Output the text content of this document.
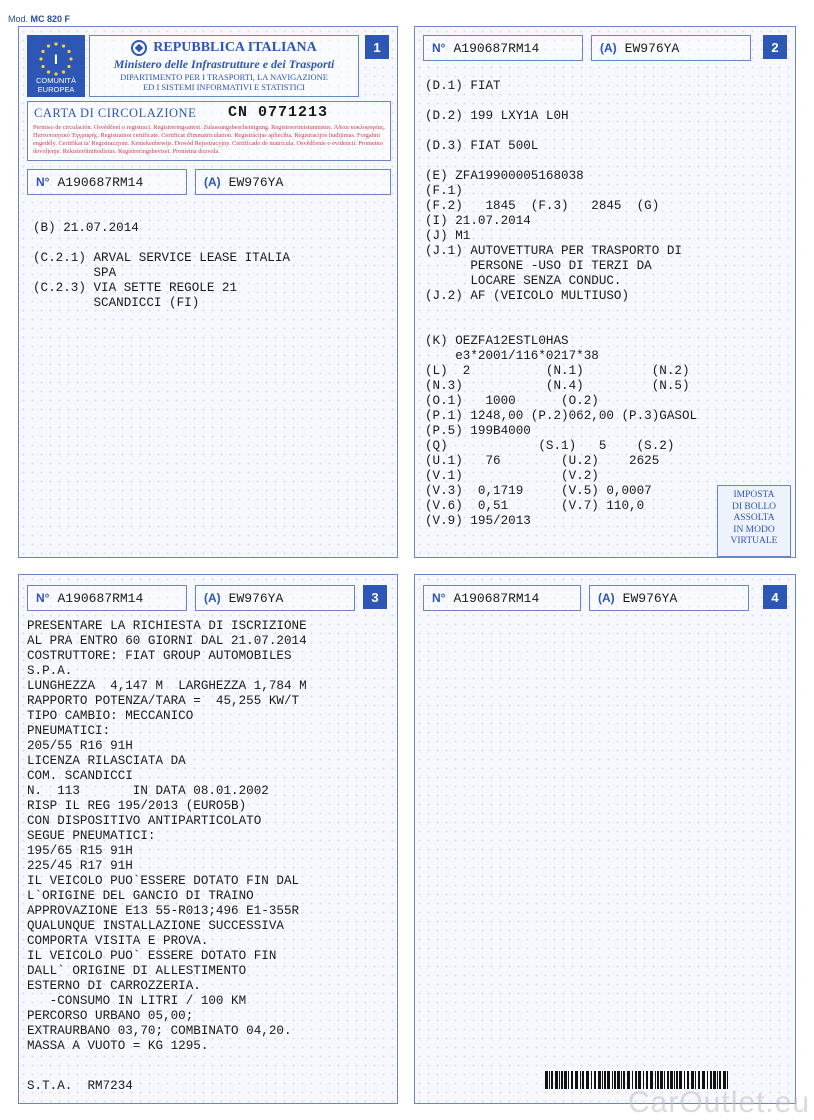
Mod. MC 820 F
I
COMUNITÀ
EUROPEA
REPUBBLICA ITALIANA
Ministero delle Infrastrutture e dei Trasporti
DIPARTIMENTO PER I TRASPORTI, LA NAVIGAZIONE
ED I SISTEMI INFORMATIVI E STATISTICI
1
CARTA DI CIRCOLAZIONE CN 0771213
Permiso de circulación. Osvědčení o registraci. Registreringsattest. Zulassungsbescheinigung. Registreerimistunnistus. Άδεια κυκλοφορίας. Πιστοποιητικό Έγγραφής. Registration certificate. Certificat d'immatriculation. Registrácijas apliecība. Registracijos liudijimas. Forgalmi engedély. Certifikat ta' Registrazzjoni. Kentekenbewijs. Dowód Rejestracyjny. Certificado de matrícula. Osvědčenie o evidencii. Prometno dovoljenje. Rekisteröintitodistus. Registreringsbeviset. Prometna dozvola.
N° A190687RM14	(A) EW976YA
(B) 21.07.2014

(C.2.1) ARVAL SERVICE LEASE ITALIA
SPA
(C.2.3) VIA SETTE REGOLE 21
SCANDICCI (FI)
N° A190687RM14	(A) EW976YA	2
(D.1) FIAT

(D.2) 199 LXY1A L0H

(D.3) FIAT 500L

(E) ZFA19900005168038
(F.1)
(F.2)   1845  (F.3)   2845  (G)
(I) 21.07.2014
(J) M1
(J.1) AUTOVETTURA PER TRASPORTO DI
PERSONE -USO DI TERZI DA
LOCARE SENZA CONDUC.
(J.2) AF (VEICOLO MULTIUSO)

(K) OEZFA12ESTL0HAS
e3*2001/116*0217*38
(L)  2          (N.1)         (N.2)
(N.3)           (N.4)         (N.5)
(O.1)   1000      (O.2)
(P.1) 1248,00 (P.2)062,00 (P.3)GASOL
(P.5) 199B4000
(Q)            (S.1)   5    (S.2)
(U.1)   76        (U.2)    2625
(V.1)             (V.2)
(V.3)  0,1719     (V.5) 0,0007
(V.6)  0,51       (V.7) 110,0
(V.9) 195/2013
IMPOSTA
DI BOLLO
ASSOLTA
IN MODO
VIRTUALE
N° A190687RM14	(A) EW976YA	3
PRESENTARE LA RICHIESTA DI ISCRIZIONE
AL PRA ENTRO 60 GIORNI DAL 21.07.2014
COSTRUTTORE: FIAT GROUP AUTOMOBILES
S.P.A.
LUNGHEZZA  4,147 M  LARGHEZZA 1,784 M
RAPPORTO POTENZA/TARA =  45,255 KW/T
TIPO CAMBIO: MECCANICO
PNEUMATICI:
205/55 R16 91H
LICENZA RILASCIATA DA
COM. SCANDICCI
N.  113       IN DATA 08.01.2002
RISP IL REG 195/2013 (EURO5B)
CON DISPOSITIVO ANTIPARTICOLATO
SEGUE PNEUMATICI:
195/65 R15 91H
225/45 R17 91H
IL VEICOLO PUO`ESSERE DOTATO FIN DAL
L`ORIGINE DEL GANCIO DI TRAINO
APPROVAZIONE E13 55-R013;496 E1-355R
QUALUNQUE INSTALLAZIONE SUCCESSIVA
COMPORTA VISITA E PROVA.
IL VEICOLO PUO` ESSERE DOTATO FIN
DALL` ORIGINE DI ALLESTIMENTO
ESTERNO DI CARROZZERIA.
-CONSUMO IN LITRI / 100 KM
PERCORSO URBANO 05,00;
EXTRAURBANO 03,70; COMBINATO 04,20.
MASSA A VUOTO = KG 1295.
S.T.A.  RM7234
N° A190687RM14	(A) EW976YA	4
CarOutlet.eu
